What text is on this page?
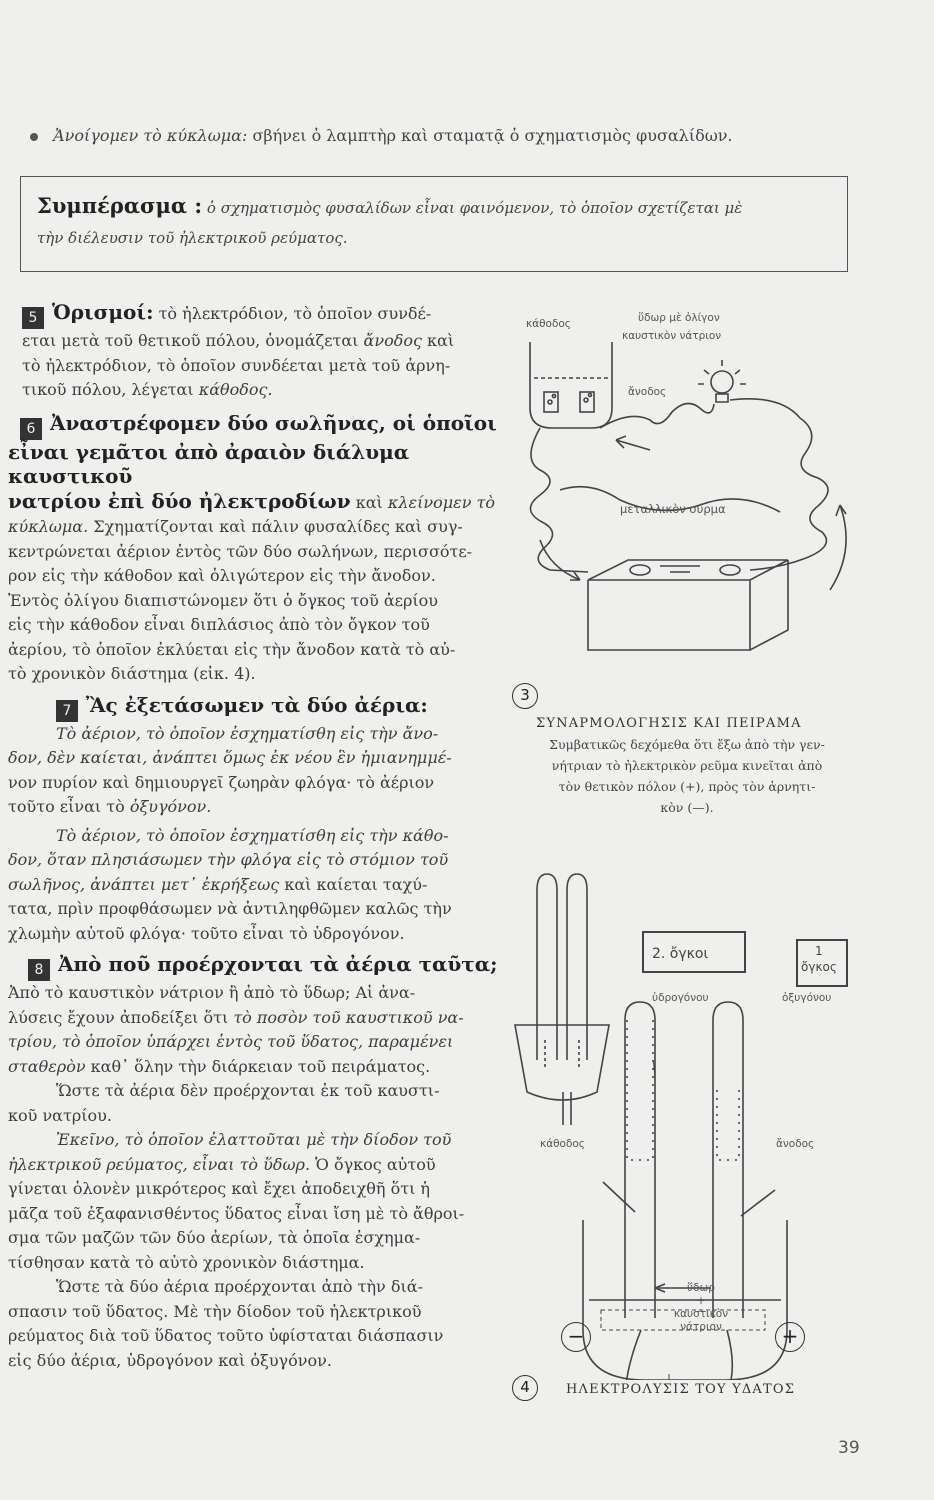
Ἀνοίγομεν τὸ κύκλωμα: σβήνει ὁ λαμπτὴρ καὶ σταματᾷ ὁ σχηματισμὸς φυσαλίδων.
Συμπέρασμα : ὁ σχηματισμὸς φυσαλίδων εἶναι φαινόμενον, τὸ ὁποῖον σχετίζεται μὲ
τὴν διέλευσιν τοῦ ἠλεκτρικοῦ ρεύματος.
5 Ὁρισμοί: τὸ ἠλεκτρόδιον, τὸ ὁποῖον συνδέ-
εται μετὰ τοῦ θετικοῦ πόλου, ὀνομάζεται ἄνοδος καὶ
τὸ ἠλεκτρόδιον, τὸ ὁποῖον συνδέεται μετὰ τοῦ ἀρνη-
τικοῦ πόλου, λέγεται κάθοδος.
6 Ἀναστρέφομεν δύο σωλῆνας, οἱ ὁποῖοι
εἶναι γεμᾶτοι ἀπὸ ἀραιὸν διάλυμα καυστικοῦ
νατρίου ἐπὶ δύο ἠλεκτροδίων καὶ κλείνομεν τὸ
κύκλωμα. Σχηματίζονται καὶ πάλιν φυσαλίδες καὶ συγ-
κεντρώνεται ἀέριον ἐντὸς τῶν δύο σωλήνων, περισσότε-
ρον εἰς τὴν κάθοδον καὶ ὀλιγώτερον εἰς τὴν ἄνοδον.
Ἐντὸς ὀλίγου διαπιστώνομεν ὅτι ὁ ὄγκος τοῦ ἀερίου
εἰς τὴν κάθοδον εἶναι διπλάσιος ἀπὸ τὸν ὄγκον τοῦ
ἀερίου, τὸ ὁποῖον ἐκλύεται εἰς τὴν ἄνοδον κατὰ τὸ αὐ-
τὸ χρονικὸν διάστημα (εἰκ. 4).
7 Ἂς ἐξετάσωμεν τὰ δύο ἀέρια:
Τὸ ἀέριον, τὸ ὁποῖον ἐσχηματίσθη εἰς τὴν ἄνο-
δον, δὲν καίεται, ἀνάπτει ὅμως ἐκ νέου ἓν ἡμιανημμέ-
νον πυρίον καὶ δημιουργεῖ ζωηρὰν φλόγα· τὸ ἀέριον
τοῦτο εἶναι τὸ ὀξυγόνον.
Τὸ ἀέριον, τὸ ὁποῖον ἐσχηματίσθη εἰς τὴν κάθο-
δον, ὅταν πλησιάσωμεν τὴν φλόγα εἰς τὸ στόμιον τοῦ
σωλῆνος, ἀνάπτει μετ᾽ ἐκρήξεως καὶ καίεται ταχύ-
τατα, πρὶν προφθάσωμεν νὰ ἀντιληφθῶμεν καλῶς τὴν
χλωμὴν αὐτοῦ φλόγα· τοῦτο εἶναι τὸ ὑδρογόνον.
8 Ἀπὸ ποῦ προέρχονται τὰ ἀέρια ταῦτα;
Ἀπὸ τὸ καυστικὸν νάτριον ἢ ἀπὸ τὸ ὕδωρ; Αἱ ἀνα-
λύσεις ἔχουν ἀποδείξει ὅτι τὸ ποσὸν τοῦ καυστικοῦ να-
τρίου, τὸ ὁποῖον ὑπάρχει ἐντὸς τοῦ ὕδατος, παραμένει
σταθερὸν καθ᾽ ὅλην τὴν διάρκειαν τοῦ πειράματος.
Ὥστε τὰ ἀέρια δὲν προέρχονται ἐκ τοῦ καυστι-
κοῦ νατρίου.
Ἐκεῖνο, τὸ ὁποῖον ἐλαττοῦται μὲ τὴν δίοδον τοῦ
ἠλεκτρικοῦ ρεύματος, εἶναι τὸ ὕδωρ. Ὁ ὄγκος αὐτοῦ
γίνεται ὁλονὲν μικρότερος καὶ ἔχει ἀποδειχθῆ ὅτι ἡ
μᾶζα τοῦ ἐξαφανισθέντος ὕδατος εἶναι ἴση μὲ τὸ ἄθροι-
σμα τῶν μαζῶν τῶν δύο ἀερίων, τὰ ὁποῖα ἐσχημα-
τίσθησαν κατὰ τὸ αὐτὸ χρονικὸν διάστημα.
Ὥστε τὰ δύο ἀέρια προέρχονται ἀπὸ τὴν διά-
σπασιν τοῦ ὕδατος. Μὲ τὴν δίοδον τοῦ ἠλεκτρικοῦ
ρεύματος διὰ τοῦ ὕδατος τοῦτο ὑφίσταται διάσπασιν
εἰς δύο ἀέρια, ὑδρογόνον καὶ ὀξυγόνον.
κάθοδος	ὕδωρ μὲ ὀλίγον
καυστικὸν νάτριον
ἄνοδος
μεταλλικὸν σύρμα
3
ΣΥΝΑΡΜΟΛΟΓΗΣΙΣ ΚΑΙ ΠΕΙΡΑΜΑ
Συμβατικῶς δεχόμεθα ὅτι ἔξω ἀπὸ τὴν γεν-
νήτριαν τὸ ἠλεκτρικὸν ρεῦμα κινεῖται ἀπὸ
τὸν θετικὸν πόλον (+), πρὸς τὸν ἀρνητι-
κὸν (—).
2. ὄγκοι	1
ὄγκος
ὑδρογόνου	ὀξυγόνου
κάθοδος	ἄνοδος
ὕδωρ
+
καυστικὸν
νάτριον
−	+
4	ΗΛΕΚΤΡΟΛΥΣΙΣ ΤΟΥ ΥΔΑΤΟΣ
39
